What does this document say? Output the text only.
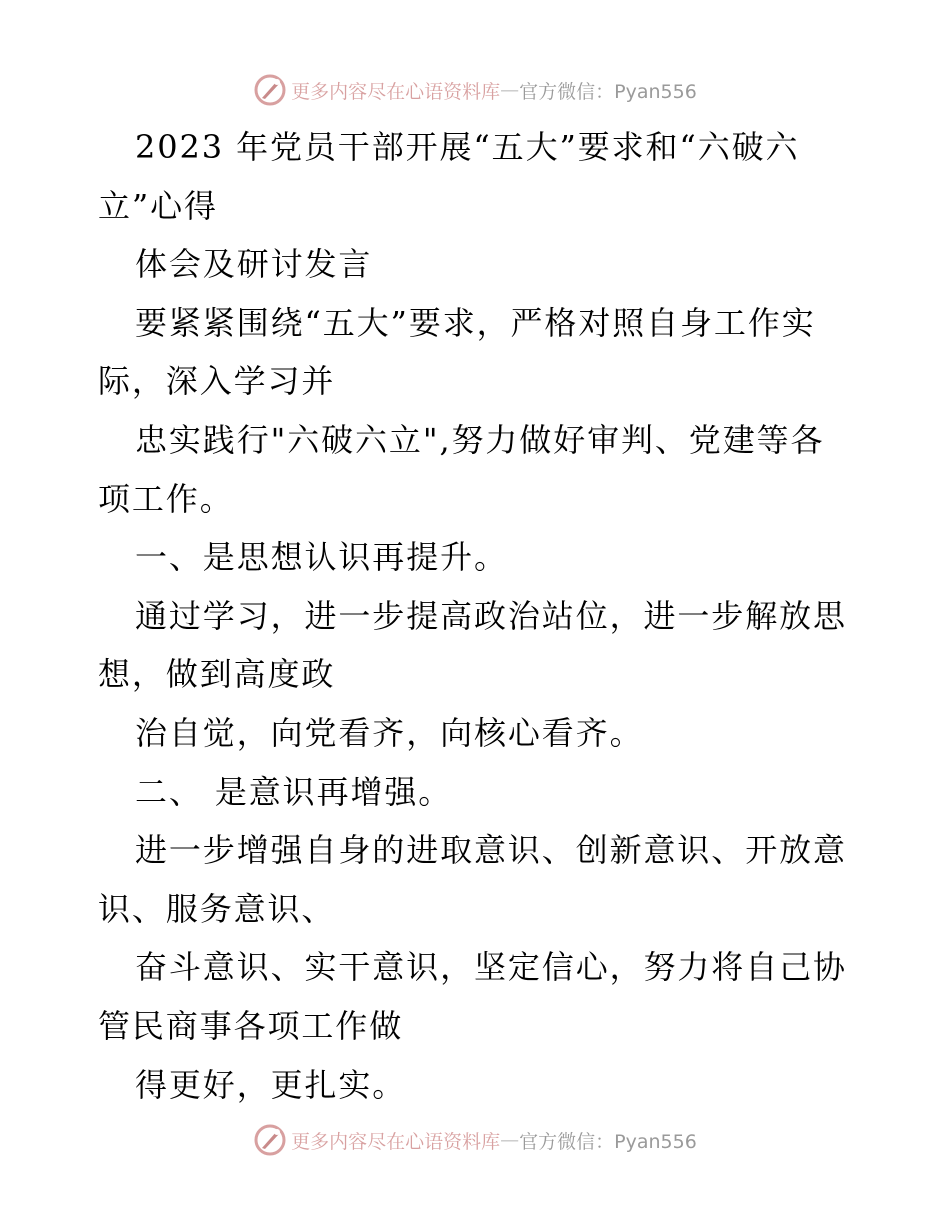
更多内容尽在心语资料库 — 官方微信：Pyan556
2023 年党员干部开展“五大”要求和“六破六
立”心得
体会及研讨发言
要紧紧围绕“五大”要求，严格对照自身工作实
际，深入学习并
忠实践行"六破六立",努力做好审判、党建等各
项工作。
一、是思想认识再提升。
通过学习，进一步提高政治站位，进一步解放思
想，做到高度政
治自觉，向党看齐，向核心看齐。
二、 是意识再增强。
进一步增强自身的进取意识、创新意识、开放意
识、服务意识、
奋斗意识、实干意识，坚定信心，努力将自己协
管民商事各项工作做
得更好，更扎实。
更多内容尽在心语资料库 — 官方微信：Pyan556
